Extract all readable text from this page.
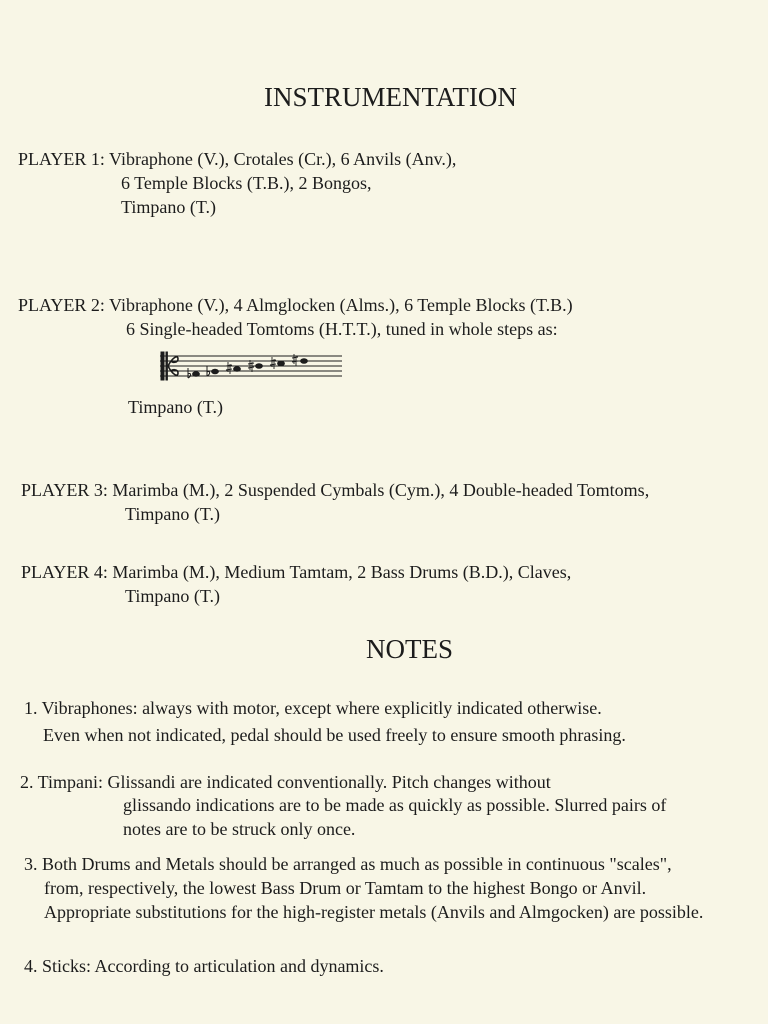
INSTRUMENTATION
PLAYER 1: Vibraphone (V.), Crotales (Cr.), 6 Anvils (Anv.),
6 Temple Blocks (T.B.), 2 Bongos,
Timpano (T.)
PLAYER 2: Vibraphone (V.), 4 Almglocken (Alms.), 6 Temple Blocks (T.B.)
6 Single-headed Tomtoms (H.T.T.), tuned in whole steps as:
Timpano (T.)
PLAYER 3: Marimba (M.), 2 Suspended Cymbals (Cym.), 4 Double-headed Tomtoms,
Timpano (T.)
PLAYER 4: Marimba (M.), Medium Tamtam, 2 Bass Drums (B.D.), Claves,
Timpano (T.)
NOTES
1. Vibraphones: always with motor, except where explicitly indicated otherwise.
Even when not indicated, pedal should be used freely to ensure smooth phrasing.
2. Timpani: Glissandi are indicated conventionally. Pitch changes without
glissando indications are to be made as quickly as possible. Slurred pairs of
notes are to be struck only once.
3. Both Drums and Metals should be arranged as much as possible in continuous "scales",
from, respectively, the lowest Bass Drum or Tamtam to the highest Bongo or Anvil.
Appropriate substitutions for the high-register metals (Anvils and Almgocken) are possible.
4. Sticks: According to articulation and dynamics.
